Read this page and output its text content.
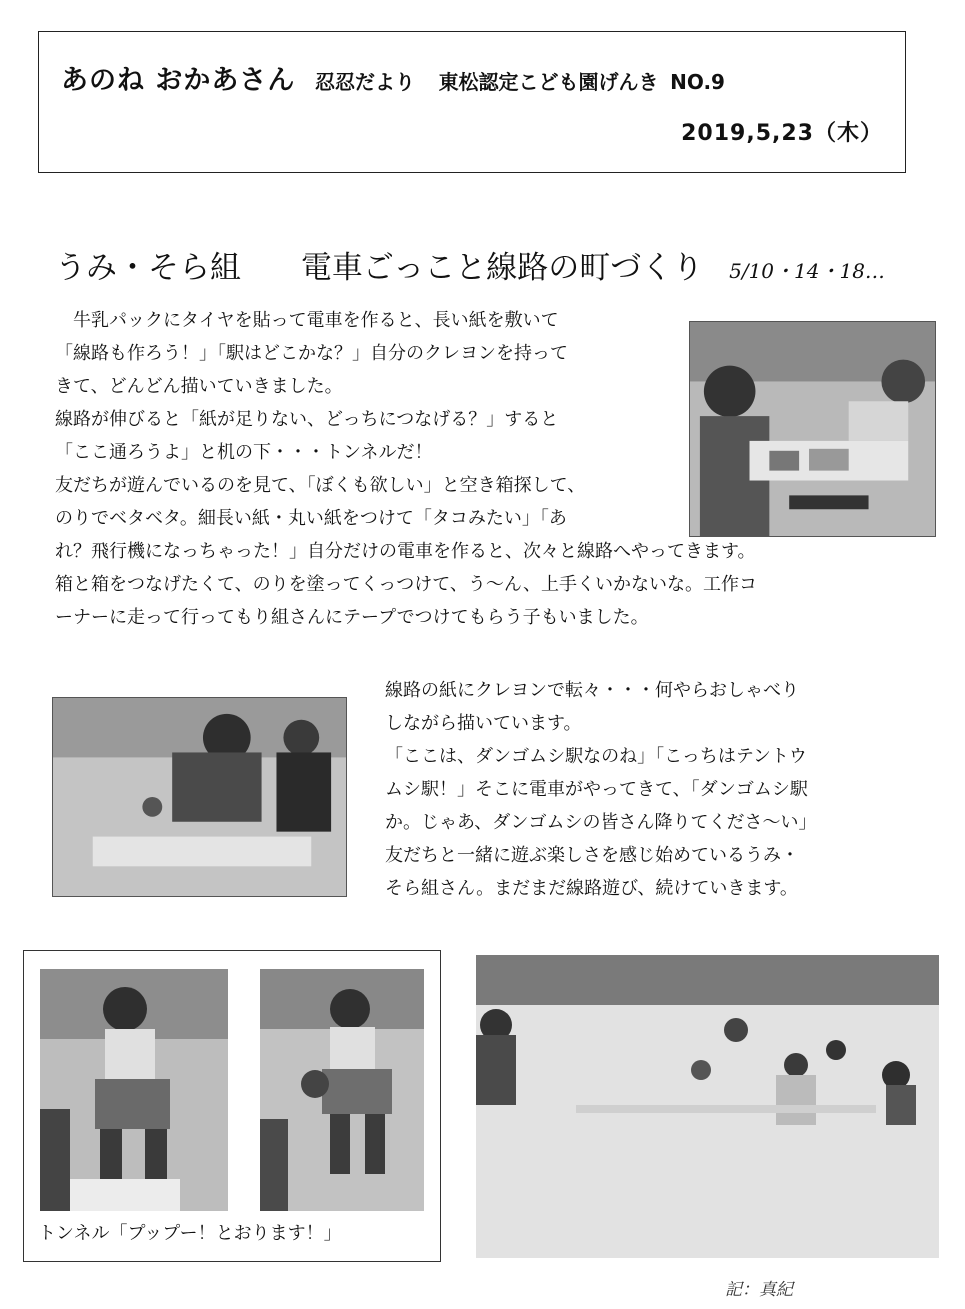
あのね おかあさん 忍忍だより 東松認定こども園げんき NO.9
2019,5,23（木）
うみ・そら組 電車ごっこと線路の町づくり 5/10・14・18…
　牛乳パックにタイヤを貼って電車を作ると、長い紙を敷いて
「線路も作ろう！」「駅はどこかな？」自分のクレヨンを持って
きて、どんどん描いていきました。
線路が伸びると「紙が足りない、どっちにつなげる？」すると
「ここ通ろうよ」と机の下・・・トンネルだ！
友だちが遊んでいるのを見て、「ぼくも欲しい」と空き箱探して、
のりでベタベタ。細長い紙・丸い紙をつけて「タコみたい」「あ
れ？飛行機になっちゃった！」自分だけの電車を作ると、次々と線路へやってきます。
箱と箱をつなげたくて、のりを塗ってくっつけて、う～ん、上手くいかないな。工作コ
ーナーに走って行ってもり組さんにテープでつけてもらう子もいました。
線路の紙にクレヨンで転々・・・何やらおしゃべり
しながら描いています。
「ここは、ダンゴムシ駅なのね」「こっちはテントウ
ムシ駅！」そこに電車がやってきて、「ダンゴムシ駅
か。じゃあ、ダンゴムシの皆さん降りてくださ～い」
友だちと一緒に遊ぶ楽しさを感じ始めているうみ・
そら組さん。まだまだ線路遊び、続けていきます。
トンネル「プップー！とおります！」
記：真紀
